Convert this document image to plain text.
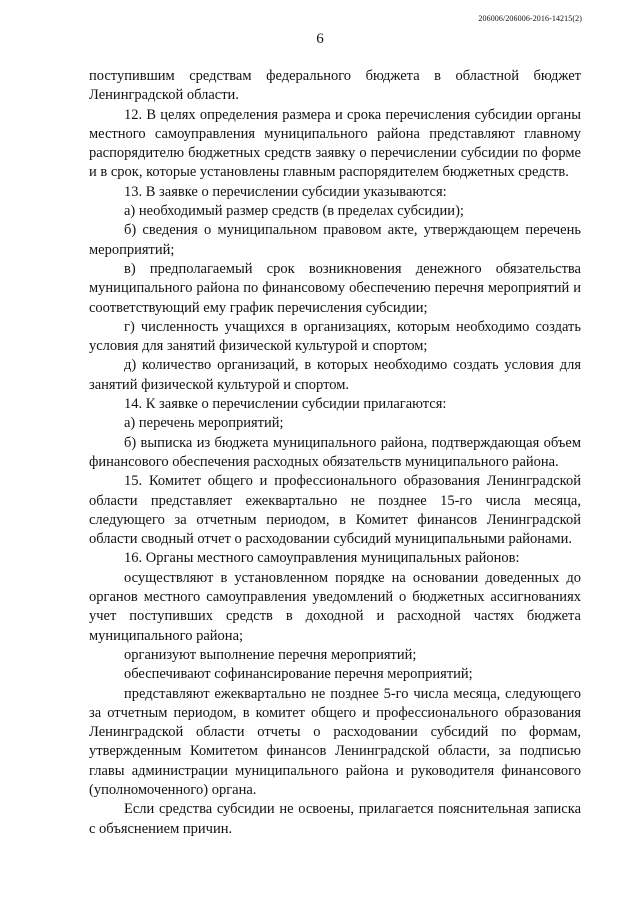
206006/206006-2016-14215(2)
6

поступившим средствам федерального бюджета в областной бюджет Ленинградской области.

12. В целях определения размера и срока перечисления субсидии органы местного самоуправления муниципального района представляют главному распорядителю бюджетных средств заявку о перечислении субсидии по форме и в срок, которые установлены главным распорядителем бюджетных средств.

13. В заявке о перечислении субсидии указываются:

а) необходимый размер средств (в пределах субсидии);

б) сведения о муниципальном правовом акте, утверждающем перечень мероприятий;

в) предполагаемый срок возникновения денежного обязательства муниципального района по финансовому обеспечению перечня мероприятий и соответствующий ему график перечисления субсидии;

г) численность учащихся в организациях, которым необходимо создать условия для занятий физической культурой и спортом;

д) количество организаций, в которых необходимо создать условия для занятий физической культурой и спортом.

14. К заявке о перечислении субсидии прилагаются:

а) перечень мероприятий;

б) выписка из бюджета муниципального района, подтверждающая объем финансового обеспечения расходных обязательств муниципального района.

15. Комитет общего и профессионального образования Ленинградской области представляет ежеквартально не позднее 15-го числа месяца, следующего за отчетным периодом, в Комитет финансов Ленинградской области сводный отчет о расходовании субсидий муниципальными районами.

16. Органы местного самоуправления муниципальных районов:

осуществляют в установленном порядке на основании доведенных до органов местного самоуправления уведомлений о бюджетных ассигнованиях учет поступивших средств в доходной и расходной частях бюджета муниципального района;

организуют выполнение перечня мероприятий;

обеспечивают софинансирование перечня мероприятий;

представляют ежеквартально не позднее 5-го числа месяца, следующего за отчетным периодом, в комитет общего и профессионального образования Ленинградской области отчеты о расходовании субсидий по формам, утвержденным Комитетом финансов Ленинградской области, за подписью главы администрации муниципального района и руководителя финансового (уполномоченного) органа.

Если средства субсидии не освоены, прилагается пояснительная записка с объяснением причин.
